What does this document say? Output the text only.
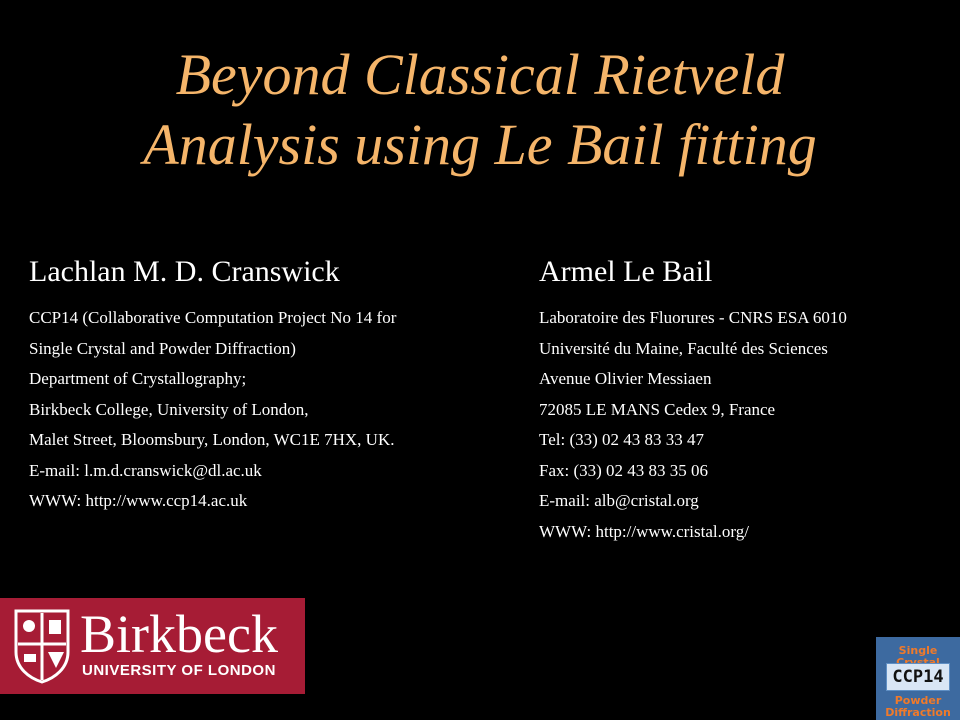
Beyond Classical Rietveld
Analysis using Le Bail fitting
Lachlan M. D. Cranswick
CCP14 (Collaborative Computation Project No 14 for
Single Crystal and Powder Diffraction)
Department of Crystallography;
Birkbeck College, University of London,
Malet Street, Bloomsbury, London, WC1E 7HX, UK.
E-mail: l.m.d.cranswick@dl.ac.uk
WWW: http://www.ccp14.ac.uk
Armel Le Bail
Laboratoire des Fluorures - CNRS ESA 6010
Université du Maine, Faculté des Sciences
Avenue Olivier Messiaen
72085 LE MANS Cedex 9, France
Tel: (33) 02 43 83 33 47
Fax: (33) 02 43 83 35 06
E-mail: alb@cristal.org
WWW: http://www.cristal.org/
Birkbeck
UNIVERSITY OF LONDON
Single
CCP14
Powder Diffraction
